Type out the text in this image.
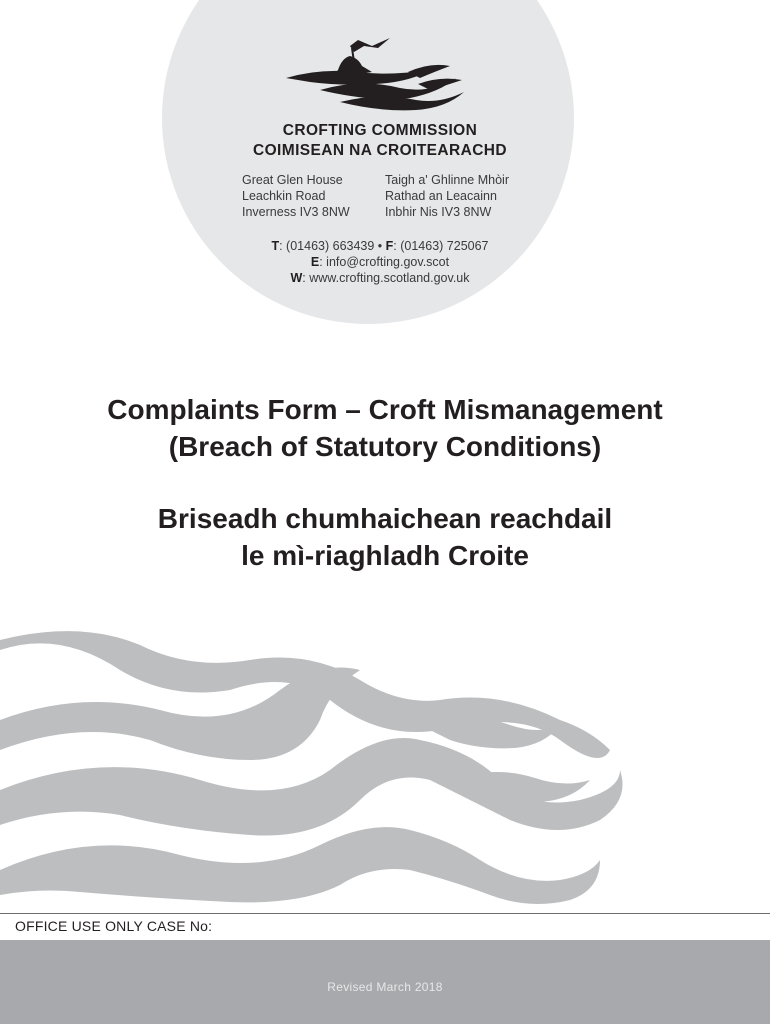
CROFTING COMMISSION
COIMISEAN NA CROITEARACHD
Great Glen House
Leachkin Road
Inverness IV3 8NW
Taigh a' Ghlinne Mhòir
Rathad an Leacainn
Inbhir Nis IV3 8NW
T: (01463) 663439 • F: (01463) 725067
E: info@crofting.gov.scot
W: www.crofting.scotland.gov.uk
Complaints Form – Croft Mismanagement
(Breach of Statutory Conditions)
Briseadh chumhaichean reachdail
le mì-riaghladh Croite
OFFICE USE ONLY CASE No:
Revised March 2018
